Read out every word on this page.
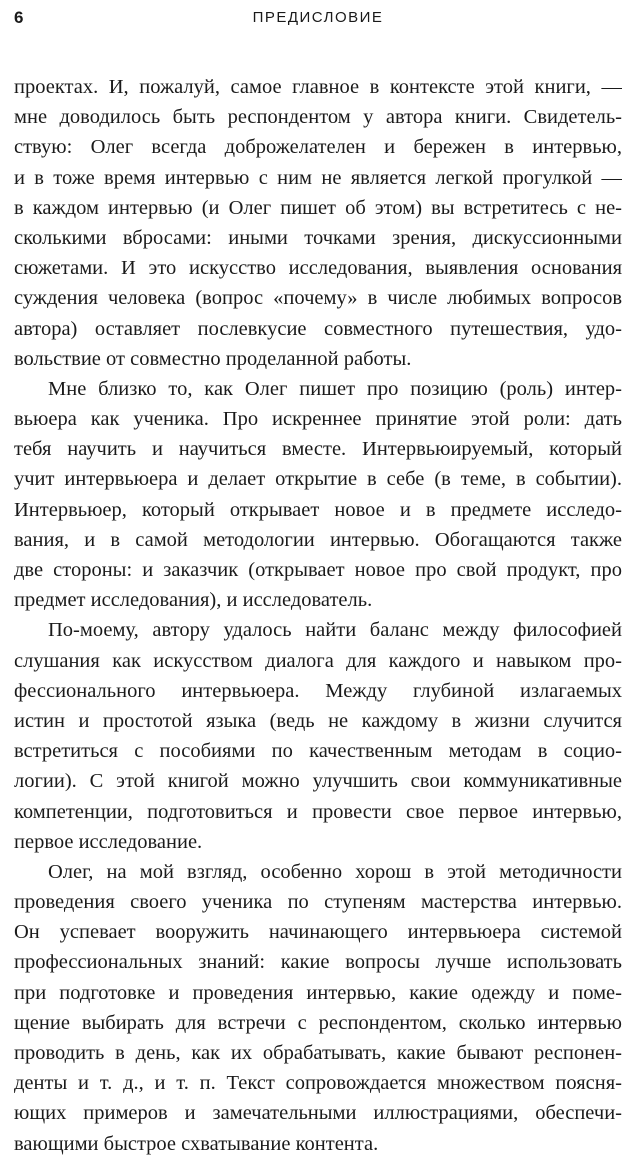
6	ПРЕДИСЛОВИЕ
проектах. И, пожалуй, самое главное в контексте этой книги, —
мне доводилось быть респондентом у автора книги. Свидетель-
ствую: Олег всегда доброжелателен и бережен в интервью,
и в тоже время интервью с ним не является легкой прогулкой —
в каждом интервью (и Олег пишет об этом) вы встретитесь с не-
сколькими вбросами: иными точками зрения, дискуссионными
сюжетами. И это искусство исследования, выявления основания
суждения человека (вопрос «почему» в числе любимых вопросов
автора) оставляет послевкусие совместного путешествия, удо-
вольствие от совместно проделанной работы.
Мне близко то, как Олег пишет про позицию (роль) интер-
вьюера как ученика. Про искреннее принятие этой роли: дать
тебя научить и научиться вместе. Интервьюируемый, который
учит интервьюера и делает открытие в себе (в теме, в событии).
Интервьюер, который открывает новое и в предмете исследо-
вания, и в самой методологии интервью. Обогащаются также
две стороны: и заказчик (открывает новое про свой продукт, про
предмет исследования), и исследователь.
По-моему, автору удалось найти баланс между философией
слушания как искусством диалога для каждого и навыком про-
фессионального интервьюера. Между глубиной излагаемых
истин и простотой языка (ведь не каждому в жизни случится
встретиться с пособиями по качественным методам в социо-
логии). С этой книгой можно улучшить свои коммуникативные
компетенции, подготовиться и провести свое первое интервью,
первое исследование.
Олег, на мой взгляд, особенно хорош в этой методичности
проведения своего ученика по ступеням мастерства интервью.
Он успевает вооружить начинающего интервьюера системой
профессиональных знаний: какие вопросы лучше использовать
при подготовке и проведения интервью, какие одежду и поме-
щение выбирать для встречи с респондентом, сколько интервью
проводить в день, как их обрабатывать, какие бывают респонен-
денты и т. д., и т. п. Текст сопровождается множеством поясня-
ющих примеров и замечательными иллюстрациями, обеспечи-
вающими быстрое схватывание контента.
